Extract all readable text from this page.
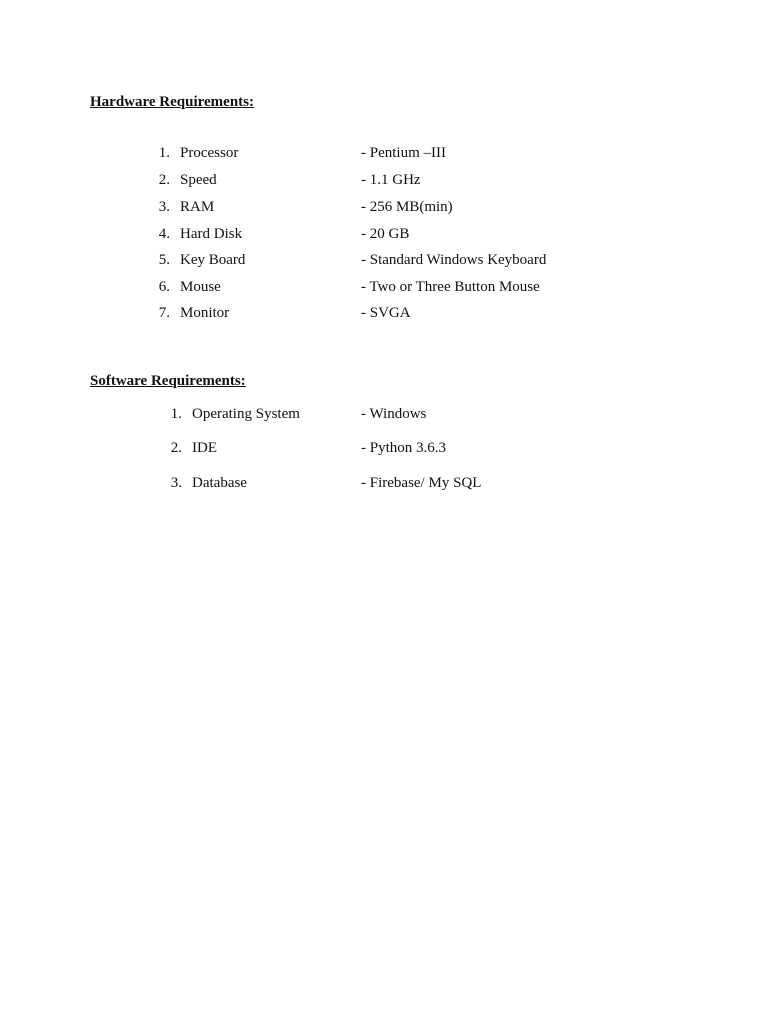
Hardware Requirements:
1. Processor	- Pentium –III
2. Speed	- 1.1 GHz
3. RAM	- 256 MB(min)
4. Hard Disk	- 20 GB
5. Key Board	- Standard Windows Keyboard
6. Mouse	- Two or Three Button Mouse
7. Monitor	- SVGA
Software Requirements:
1. Operating System	- Windows
2. IDE	- Python 3.6.3
3. Database	- Firebase/ My SQL
